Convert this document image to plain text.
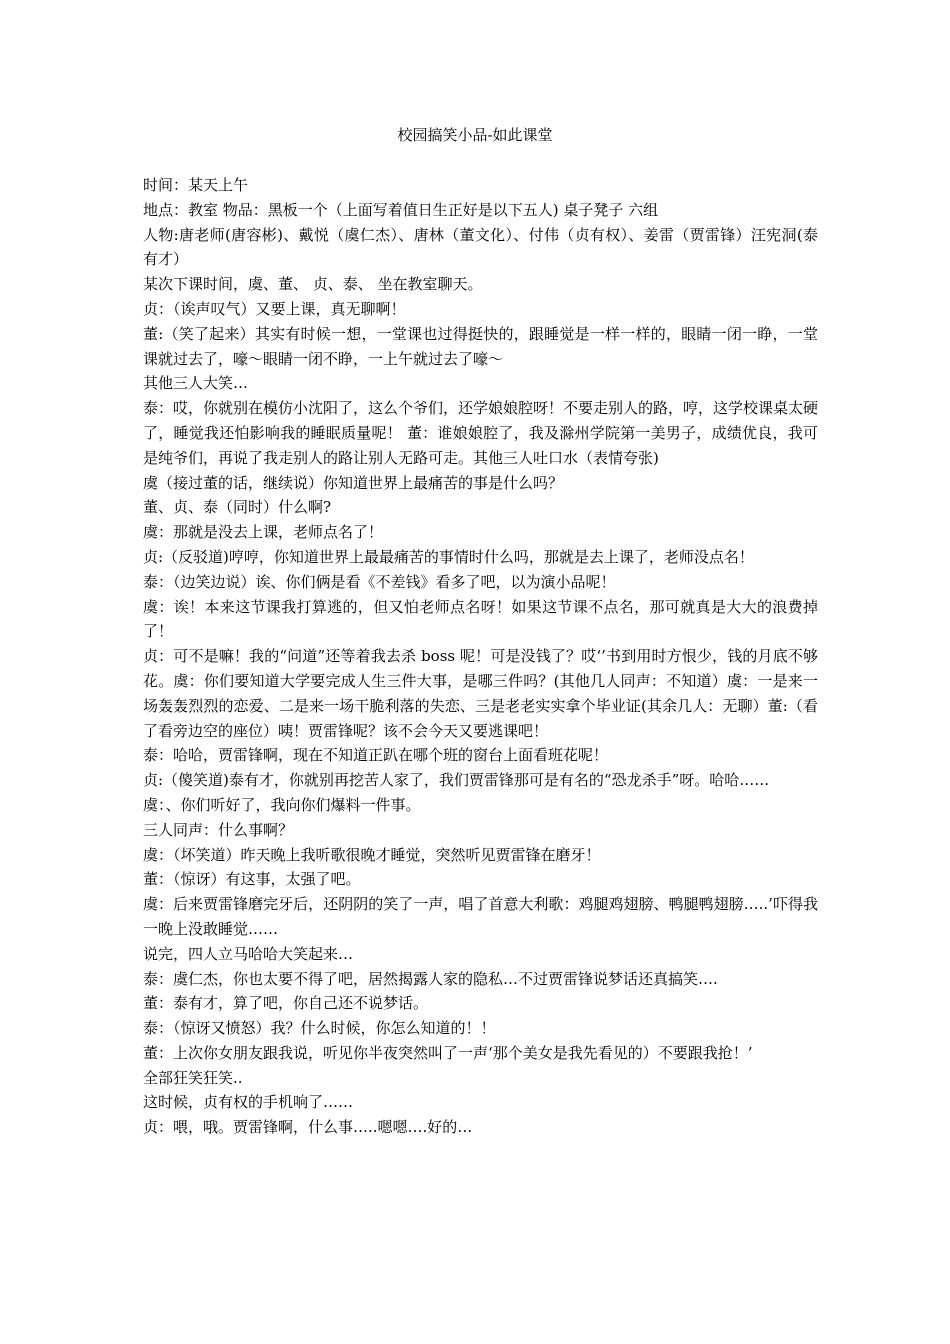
校园搞笑小品-如此课堂

时间：某天上午

地点：教室 物品：黑板一个（上面写着值日生正好是以下五人) 桌子凳子 六组

人物:唐老师(唐容彬)、戴悦（虞仁杰）、唐林（董文化）、付伟（贞有权）、姜雷（贾雷锋）汪宪洞(泰有才）

某次下课时间，虞、董、 贞、泰、 坐在教室聊天。

贞：（诶声叹气）又要上课，真无聊啊！

董:（笑了起来）其实有时候一想，一堂课也过得挺快的，跟睡觉是一样一样的，眼睛一闭一睁，一堂课就过去了，嚎～眼睛一闭不睁，一上午就过去了嚎～

其他三人大笑…

泰：哎，你就别在模仿小沈阳了，这么个爷们，还学娘娘腔呀！不要走别人的路，哼，这学校课桌太硬了，睡觉我还怕影响我的睡眠质量呢！ 董：谁娘娘腔了，我及滁州学院第一美男子，成绩优良，我可是纯爷们，再说了我走别人的路让别人无路可走。其他三人吐口水（表情夸张)

虞（接过董的话，继续说）你知道世界上最痛苦的事是什么吗？

董、贞、泰（同时）什么啊?

虞：那就是没去上课，老师点名了！

贞:（反驳道)哼哼，你知道世界上最最痛苦的事情时什么吗，那就是去上课了，老师没点名！

泰：（边笑边说）诶、你们俩是看《不差钱》看多了吧，以为演小品呢！

虞：诶！本来这节课我打算逃的，但又怕老师点名呀！如果这节课不点名，那可就真是大大的浪费掉了！

贞：可不是嘛！我的“问道”还等着我去杀 boss 呢！可是没钱了？哎‘’书到用时方恨少，钱的月底不够花。虞：你们要知道大学要完成人生三件大事，是哪三件吗？(其他几人同声：不知道）虞：一是来一场轰轰烈烈的恋爱、二是来一场干脆利落的失恋、三是老老实实拿个毕业证(其余几人：无聊）董:（看了看旁边空的座位）咦！贾雷锋呢？该不会今天又要逃课吧！

泰：哈哈，贾雷锋啊，现在不知道正趴在哪个班的窗台上面看班花呢！

贞:（傻笑道)泰有才，你就别再挖苦人家了，我们贾雷锋那可是有名的“恐龙杀手”呀。哈哈……

虞：、你们听好了，我向你们爆料一件事。

三人同声：什么事啊？

虞：（坏笑道）昨天晚上我听歌很晚才睡觉，突然听见贾雷锋在磨牙！

董：（惊讶）有这事，太强了吧。

虞：后来贾雷锋磨完牙后，还阴阴的笑了一声，唱了首意大利歌：鸡腿鸡翅膀、鸭腿鸭翅膀…..’吓得我一晚上没敢睡觉……

说完，四人立马哈哈大笑起来…

泰：虞仁杰，你也太要不得了吧，居然揭露人家的隐私…不过贾雷锋说梦话还真搞笑….

董：泰有才，算了吧，你自己还不说梦话。

泰：（惊讶又愤怒）我？什么时候，你怎么知道的！！

董：上次你女朋友跟我说，听见你半夜突然叫了一声‘那个美女是我先看见的）不要跟我抢！’

全部狂笑狂笑..

这时候，贞有权的手机响了……

贞：喂，哦。贾雷锋啊，什么事…..嗯嗯….好的…
